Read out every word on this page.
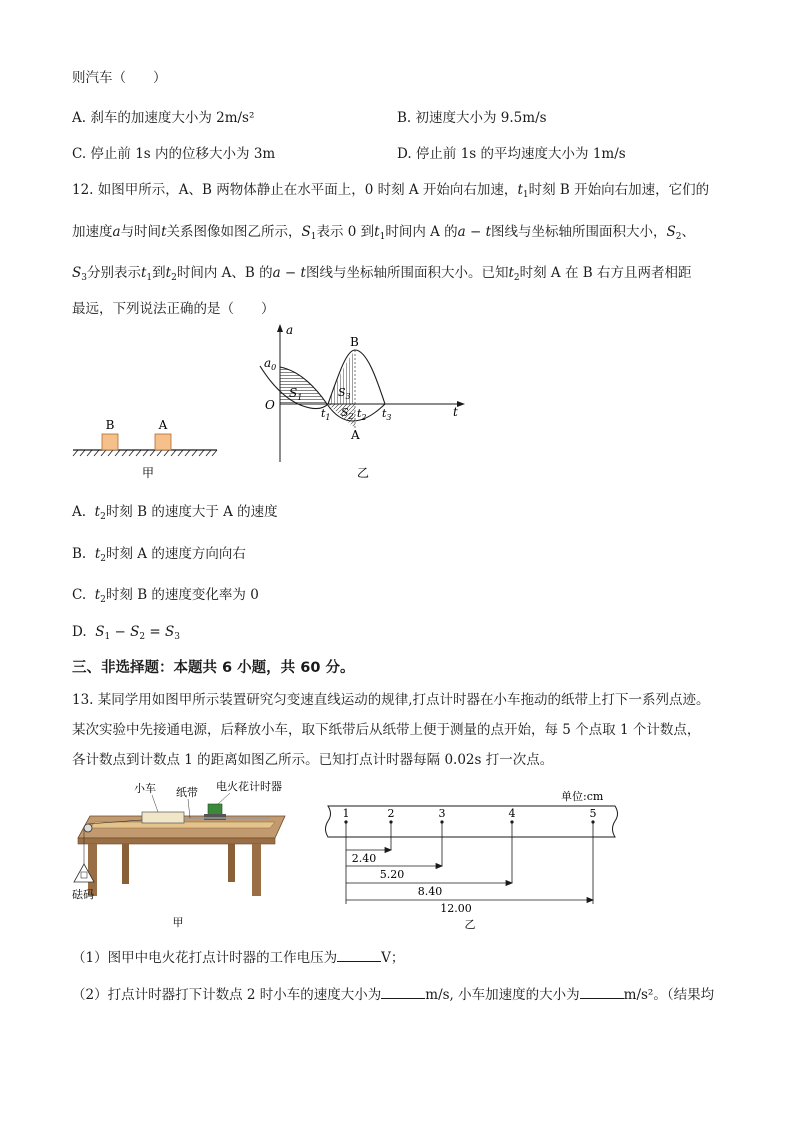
则汽车（　　）
A. 刹车的加速度大小为 2m/s²	B. 初速度大小为 9.5m/s
C. 停止前 1s 内的位移大小为 3m	D. 停止前 1s 的平均速度大小为 1m/s
12. 如图甲所示，A、B 两物体静止在水平面上，0 时刻 A 开始向右加速，$t_1$时刻 B 开始向右加速，它们的
加速度a与时间t关系图像如图乙所示，$S_1$表示 0 到$t_1$时间内 A 的a − t图线与坐标轴所围面积大小，$S_2$、
$S_3$分别表示$t_1$到$t_2$时间内 A、B 的a − t图线与坐标轴所围面积大小。已知$t_2$时刻 A 在 B 右方且两者相距
最远，下列说法正确的是（　　）
B	A
甲
a
t
O
$a_0$
B
A
$S_1$	$S_3$
$S_2$
$t_1$ $t_2$ $t_3$
乙
A. $t_2$时刻 B 的速度大于 A 的速度
B. $t_2$时刻 A 的速度方向向右
C. $t_2$时刻 B 的速度变化率为 0
D. $S_1 - S_2 = S_3$
三、非选择题：本题共 6 小题，共 60 分。
13. 某同学用如图甲所示装置研究匀变速直线运动的规律,打点计时器在小车拖动的纸带上打下一系列点迹。
某次实验中先接通电源，后释放小车，取下纸带后从纸带上便于测量的点开始，每 5 个点取 1 个计数点，
各计数点到计数点 1 的距离如图乙所示。已知打点计时器每隔 0.02s 打一次点。
小车 纸带 电火花计时器
砝码
甲
单位:cm
1	2	3	4	5
2.40
5.20
8.40
12.00
乙
（1）图甲中电火花打点计时器的工作电压为	V；
（2）打点计时器打下计数点 2 时小车的速度大小为	m/s, 小车加速度的大小为	m/s²。（结果均
